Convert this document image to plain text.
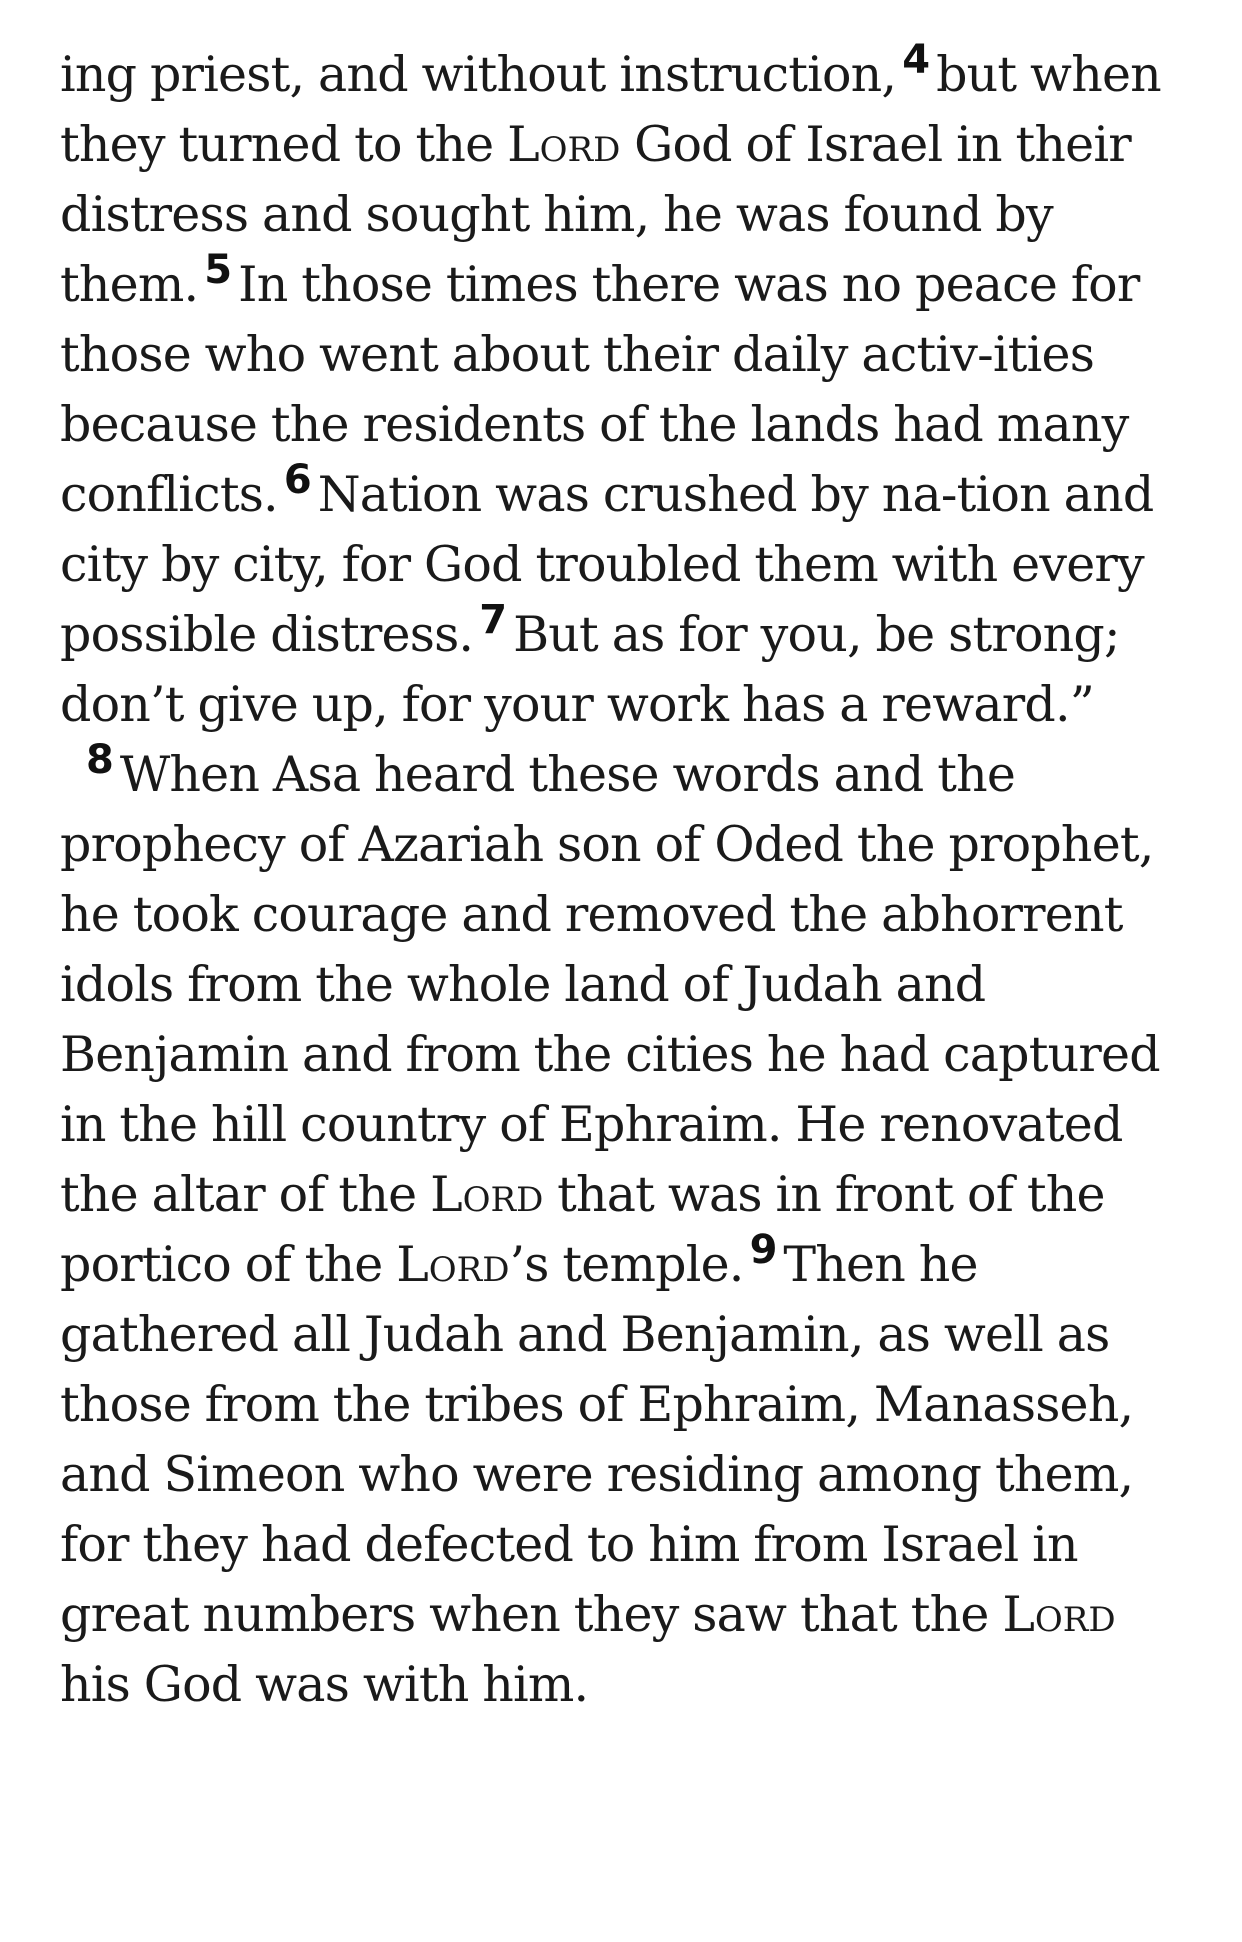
ing priest, and without instruction, $^4$ but when they turned to the Lord God of Israel in their distress and sought him, he was found by them. $^5$ In those times there was no peace for those who went about their daily activ-ities because the residents of the lands had many conflicts. $^6$ Nation was crushed by na-tion and city by city, for God troubled them with every possible distress. $^7$ But as for you, be strong; don’t give up, for your work has a reward.”

$^8$ When Asa heard these words and the prophecy of Azariah son of Oded the prophet, he took courage and removed the abhorrent idols from the whole land of Judah and Benjamin and from the cities he had captured in the hill country of Ephraim. He renovated the altar of the Lord that was in front of the portico of the Lord’s temple. $^9$ Then he gathered all Judah and Benjamin, as well as those from the tribes of Ephraim, Manasseh, and Simeon who were residing among them, for they had defected to him from Israel in great numbers when they saw that the Lord his God was with him.
